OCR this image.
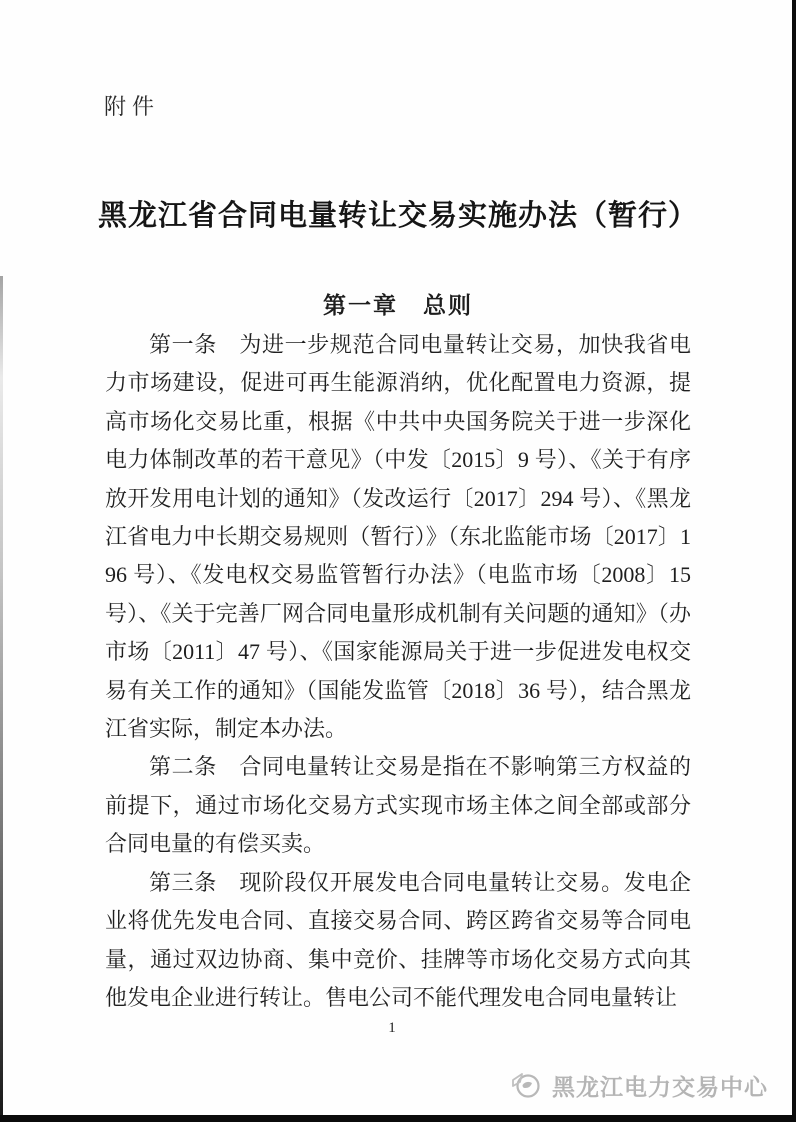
附件
黑龙江省合同电量转让交易实施办法（暂行）
第一章　总则

第一条　为进一步规范合同电量转让交易，加快我省电力市场建设，促进可再生能源消纳，优化配置电力资源，提高市场化交易比重，根据《中共中央国务院关于进一步深化电力体制改革的若干意见》（中发〔2015〕9 号）、《关于有序放开发用电计划的通知》（发改运行〔2017〕294 号）、《黑龙江省电力中长期交易规则（暂行）》（东北监能市场〔2017〕196 号）、《发电权交易监管暂行办法》（电监市场〔2008〕15 号）、《关于完善厂网合同电量形成机制有关问题的通知》（办市场〔2011〕47 号）、《国家能源局关于进一步促进发电权交易有关工作的通知》（国能发监管〔2018〕36 号），结合黑龙江省实际，制定本办法。

第二条　合同电量转让交易是指在不影响第三方权益的前提下，通过市场化交易方式实现市场主体之间全部或部分合同电量的有偿买卖。

第三条　现阶段仅开展发电合同电量转让交易。发电企业将优先发电合同、直接交易合同、跨区跨省交易等合同电量，通过双边协商、集中竞价、挂牌等市场化交易方式向其他发电企业进行转让。售电公司不能代理发电合同电量转让

1
黑龙江电力交易中心
